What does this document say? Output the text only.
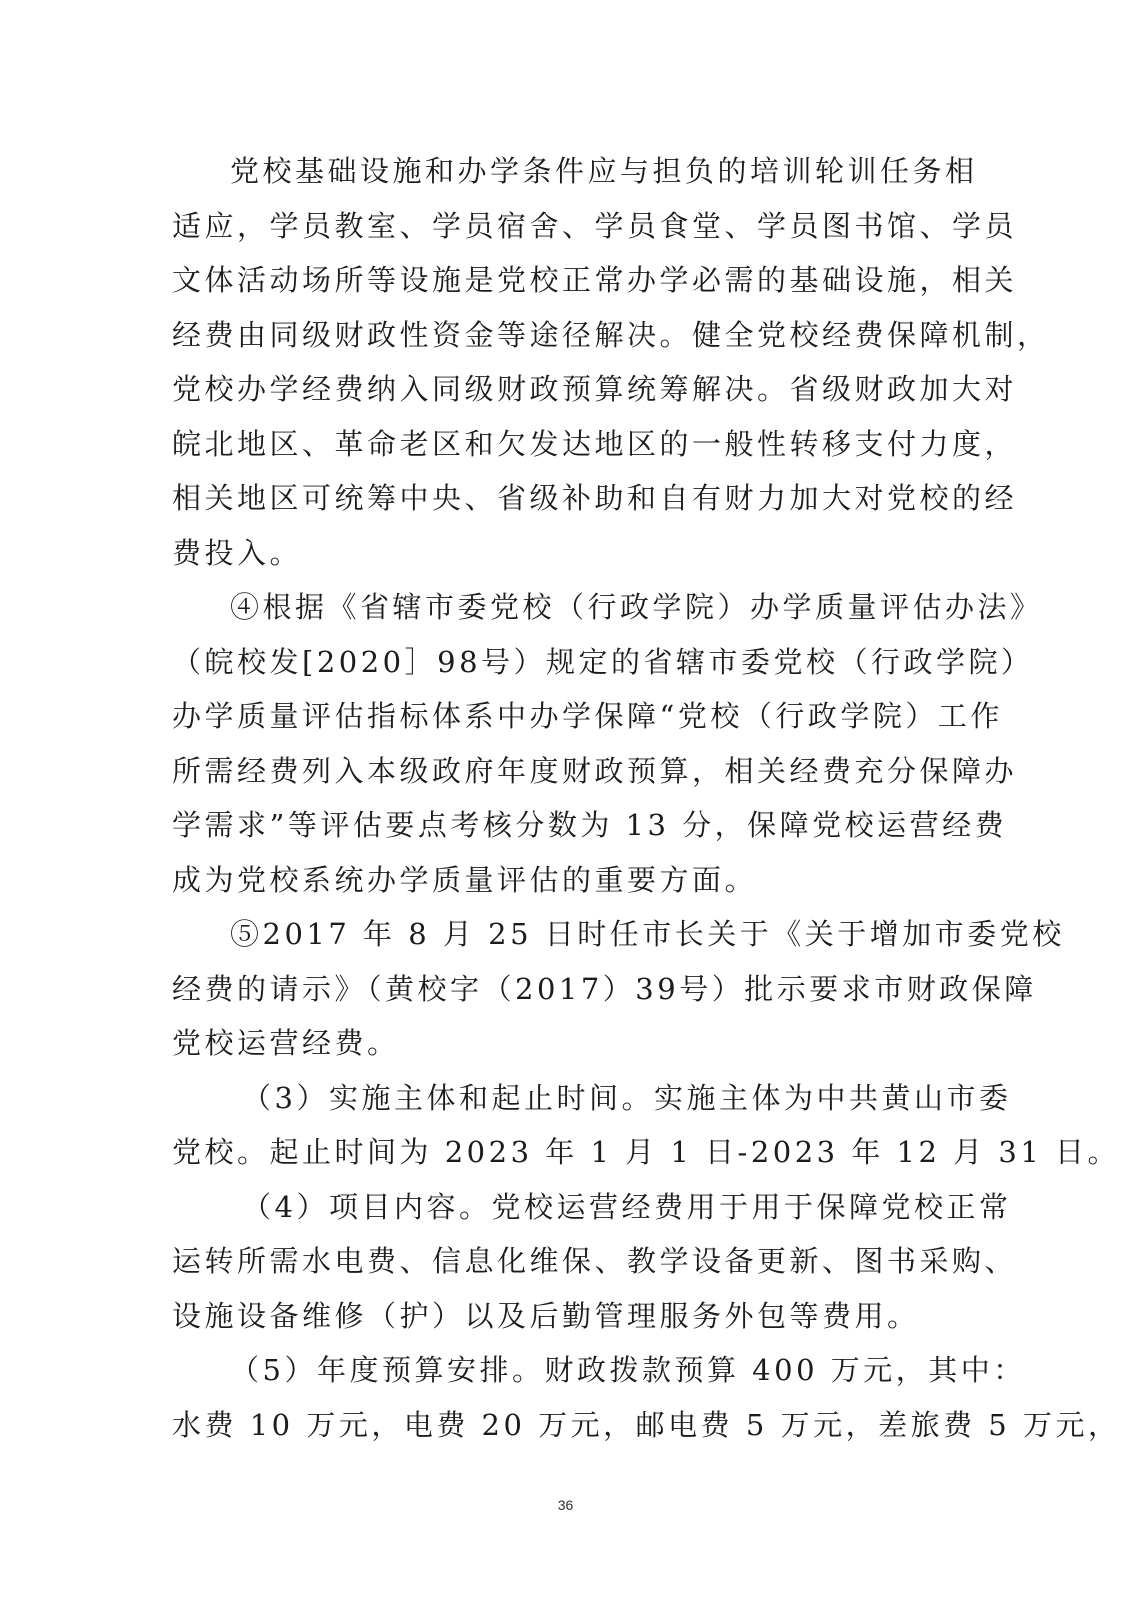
党校基础设施和办学条件应与担负的培训轮训任务相
适应，学员教室、学员宿舍、学员食堂、学员图书馆、学员
文体活动场所等设施是党校正常办学必需的基础设施，相关
经费由同级财政性资金等途径解决。健全党校经费保障机制，
党校办学经费纳入同级财政预算统筹解决。省级财政加大对
皖北地区、革命老区和欠发达地区的一般性转移支付力度，
相关地区可统筹中央、省级补助和自有财力加大对党校的经
费投入。
④根据《省辖市委党校（行政学院）办学质量评估办法》
（皖校发[2020］98号）规定的省辖市委党校（行政学院）
办学质量评估指标体系中办学保障“党校（行政学院）工作
所需经费列入本级政府年度财政预算，相关经费充分保障办
学需求”等评估要点考核分数为 13 分，保障党校运营经费
成为党校系统办学质量评估的重要方面。
⑤2017 年 8 月 25 日时任市长关于《关于增加市委党校
经费的请示》（黄校字（2017）39号）批示要求市财政保障
党校运营经费。
（3）实施主体和起止时间。实施主体为中共黄山市委
党校。起止时间为 2023 年 1 月 1 日-2023 年 12 月 31 日。
（4）项目内容。党校运营经费用于用于保障党校正常
运转所需水电费、信息化维保、教学设备更新、图书采购、
设施设备维修（护）以及后勤管理服务外包等费用。
（5）年度预算安排。财政拨款预算 400 万元，其中：
水费 10 万元，电费 20 万元，邮电费 5 万元，差旅费 5 万元，
36
